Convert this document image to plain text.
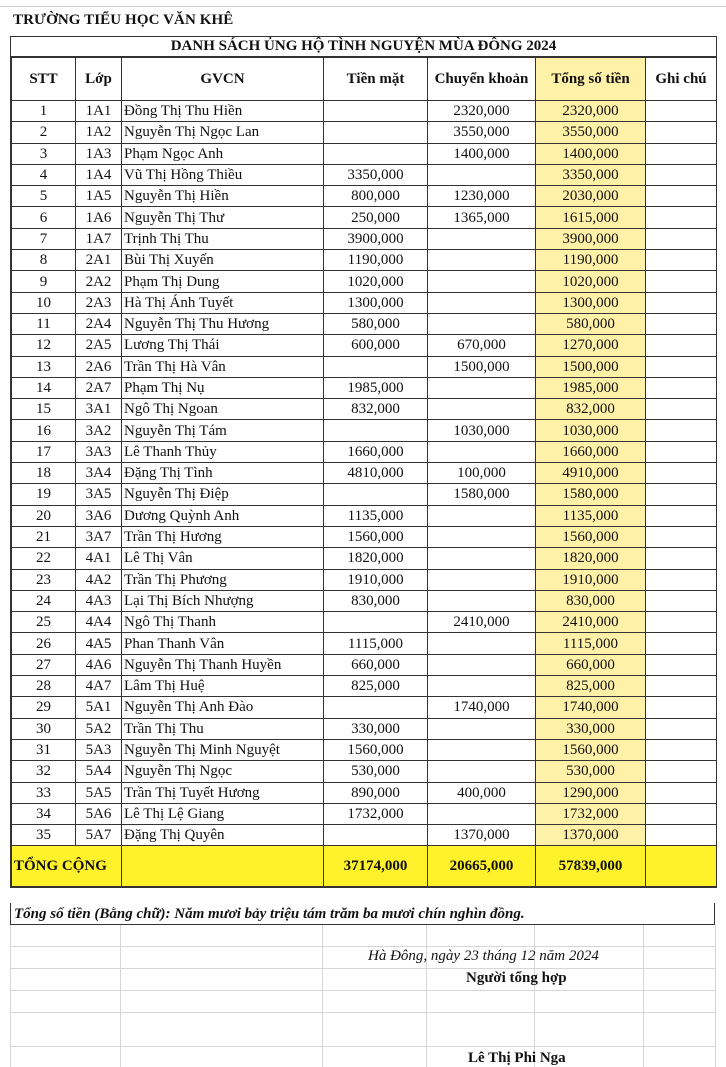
TRƯỜNG TIỂU HỌC VĂN KHÊ
DANH SÁCH ỦNG HỘ TÌNH NGUYỆN MÙA ĐÔNG 2024
STT	Lớp	GVCN	Tiền mặt	Chuyển khoản	Tổng số tiền	Ghi chú
1	1A1	Đồng Thị Thu Hiền		2320,000	2320,000	
2	1A2	Nguyễn Thị Ngọc Lan		3550,000	3550,000	
3	1A3	Phạm Ngọc Anh		1400,000	1400,000	
4	1A4	Vũ Thị Hồng Thiều	3350,000		3350,000	
5	1A5	Nguyễn Thị Hiền	800,000	1230,000	2030,000	
6	1A6	Nguyễn Thị Thư	250,000	1365,000	1615,000	
7	1A7	Trịnh Thị Thu	3900,000		3900,000	
8	2A1	Bùi Thị Xuyến	1190,000		1190,000	
9	2A2	Phạm Thị Dung	1020,000		1020,000	
10	2A3	Hà Thị Ánh Tuyết	1300,000		1300,000	
11	2A4	Nguyễn Thị Thu Hương	580,000		580,000	
12	2A5	Lương Thị Thái	600,000	670,000	1270,000	
13	2A6	Trần Thị Hà Vân		1500,000	1500,000	
14	2A7	Phạm Thị Nụ	1985,000		1985,000	
15	3A1	Ngô Thị Ngoan	832,000		832,000	
16	3A2	Nguyễn Thị Tám		1030,000	1030,000	
17	3A3	Lê Thanh Thủy	1660,000		1660,000	
18	3A4	Đặng Thị Tình	4810,000	100,000	4910,000	
19	3A5	Nguyễn Thị Điệp		1580,000	1580,000	
20	3A6	Dương Quỳnh Anh	1135,000		1135,000	
21	3A7	Trần Thị Hương	1560,000		1560,000	
22	4A1	Lê Thị Vân	1820,000		1820,000	
23	4A2	Trần Thị Phương	1910,000		1910,000	
24	4A3	Lại Thị Bích Nhượng	830,000		830,000	
25	4A4	Ngô Thị Thanh		2410,000	2410,000	
26	4A5	Phan Thanh Vân	1115,000		1115,000	
27	4A6	Nguyễn Thị Thanh Huyền	660,000		660,000	
28	4A7	Lâm Thị Huệ	825,000		825,000	
29	5A1	Nguyễn Thị Anh Đào		1740,000	1740,000	
30	5A2	Trần Thị Thu	330,000		330,000	
31	5A3	Nguyễn Thị Minh Nguyệt	1560,000		1560,000	
32	5A4	Nguyễn Thị Ngọc	530,000		530,000	
33	5A5	Trần Thị Tuyết Hương	890,000	400,000	1290,000	
34	5A6	Lê Thị Lệ Giang	1732,000		1732,000	
35	5A7	Đặng Thị Quyên		1370,000	1370,000	
TỔNG CỘNG			37174,000	20665,000	57839,000	
Tổng số tiền (Bằng chữ): Năm mươi bảy triệu tám trăm ba mươi chín nghìn đồng.
Hà Đông, ngày 23 tháng 12 năm 2024
Người tổng hợp
Lê Thị Phi Nga
